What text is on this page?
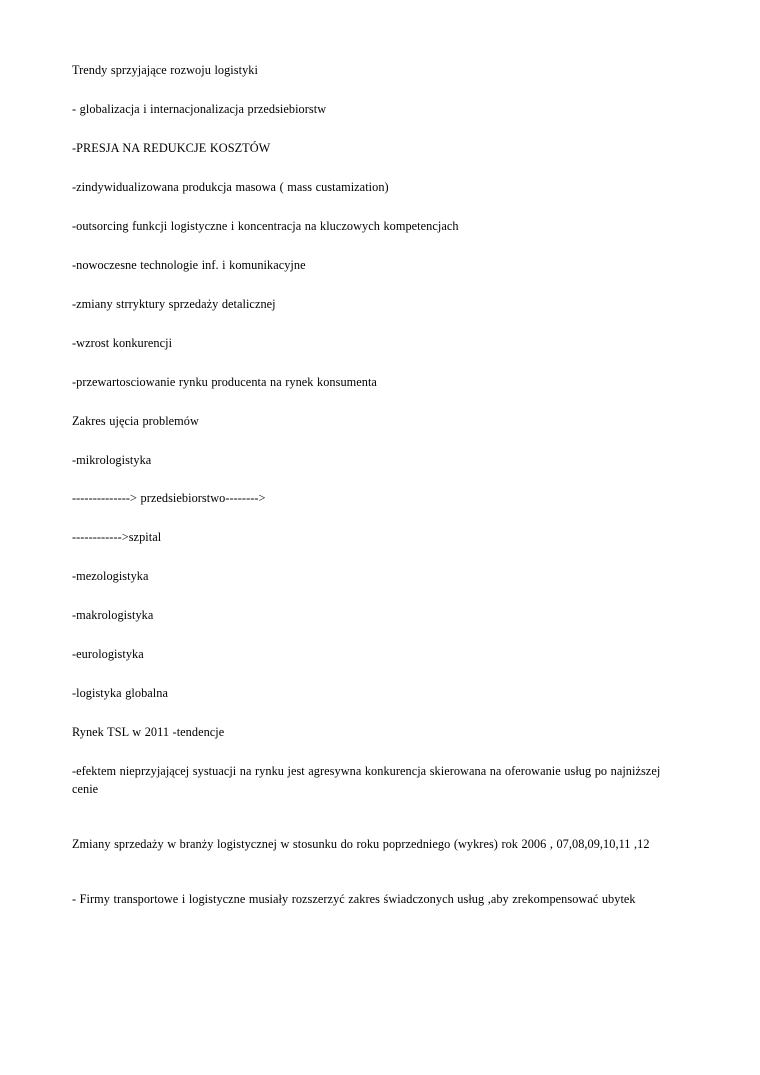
Trendy sprzyjające rozwoju logistyki

- globalizacja i internacjonalizacja przedsiebiorstw

-PRESJA NA REDUKCJE KOSZTÓW

-zindywidualizowana produkcja masowa ( mass custamization)

-outsorcing funkcji logistyczne i koncentracja na kluczowych kompetencjach

-nowoczesne technologie inf. i komunikacyjne

-zmiany strryktury sprzedaży detalicznej

-wzrost konkurencji

-przewartosciowanie rynku producenta na rynek konsumenta

Zakres ujęcia problemów

-mikrologistyka

--------------> przedsiebiorstwo-------->

------------>szpital

-mezologistyka

-makrologistyka

-eurologistyka

-logistyka globalna

Rynek TSL w 2011 -tendencje

-efektem nieprzyjającej systuacji na rynku jest agresywna konkurencja skierowana na oferowanie usług po najniższej cenie

Zmiany sprzedaży w branży logistycznej w stosunku do roku poprzedniego (wykres) rok 2006 , 07,08,09,10,11 ,12

- Firmy transportowe i logistyczne musiały rozszerzyć zakres świadczonych usług ,aby zrekompensować ubytek
